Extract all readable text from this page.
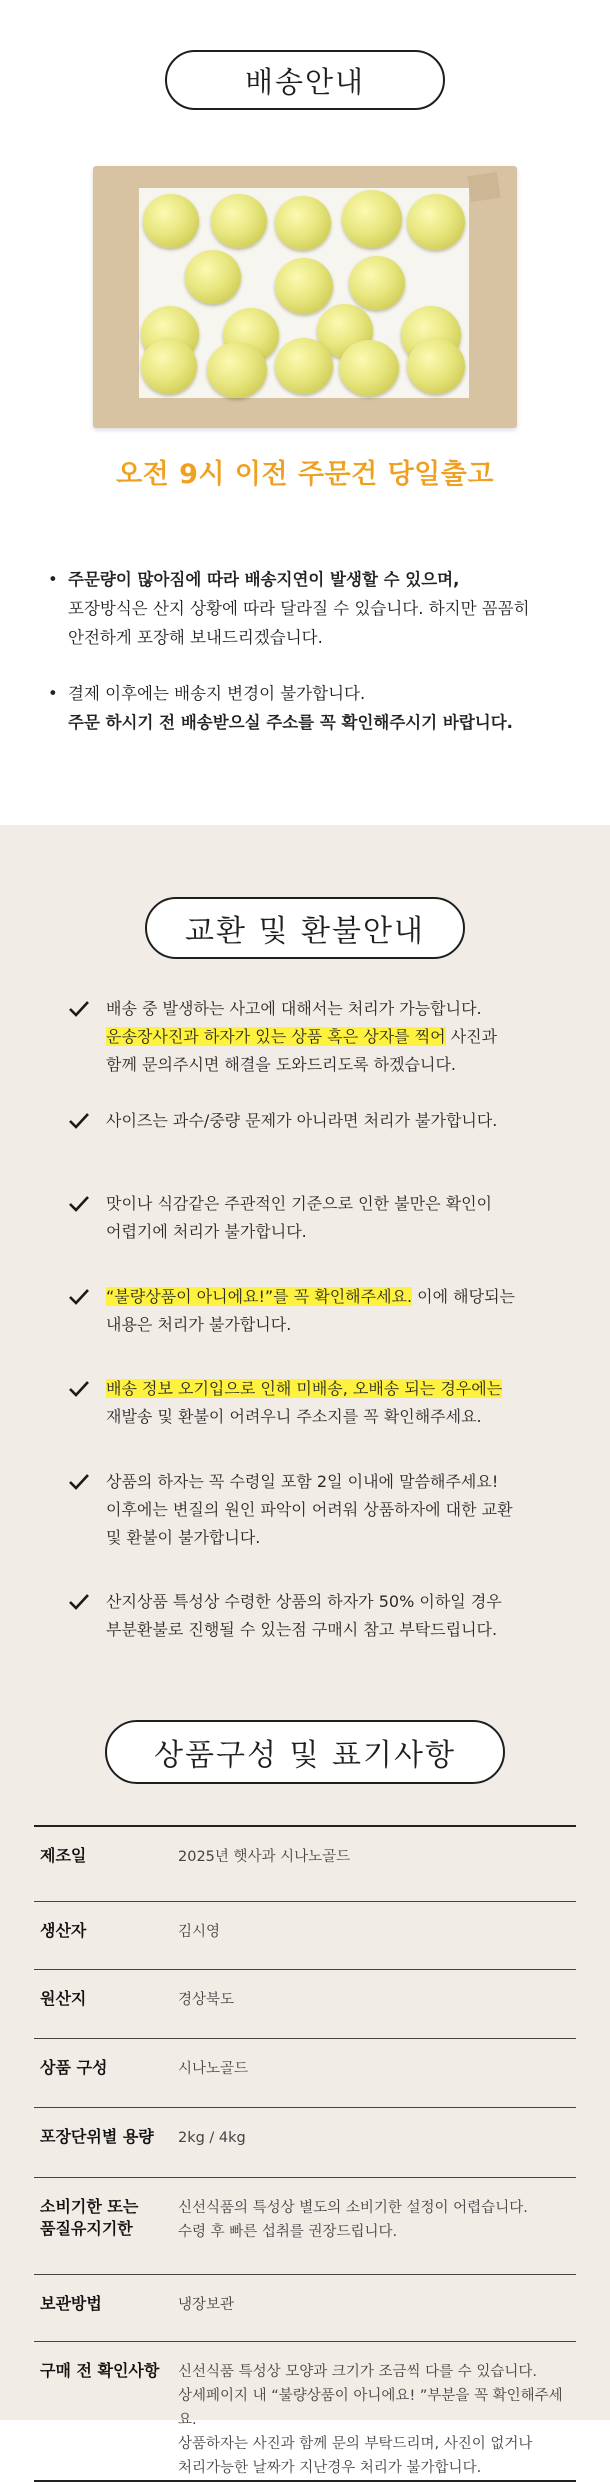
배송안내
오전 9시 이전 주문건 당일출고
• 주문량이 많아짐에 따라 배송지연이 발생할 수 있으며,
포장방식은 산지 상황에 따라 달라질 수 있습니다. 하지만 꼼꼼히
안전하게 포장해 보내드리겠습니다.
• 결제 이후에는 배송지 변경이 불가합니다.
주문 하시기 전 배송받으실 주소를 꼭 확인해주시기 바랍니다.
교환 및 환불안내
배송 중 발생하는 사고에 대해서는 처리가 가능합니다.
운송장사진과 하자가 있는 상품 혹은 상자를 찍어 사진과
함께 문의주시면 해결을 도와드리도록 하겠습니다.
사이즈는 과수/중량 문제가 아니라면 처리가 불가합니다.
맛이나 식감같은 주관적인 기준으로 인한 불만은 확인이
어렵기에 처리가 불가합니다.
“불량상품이 아니에요!”를 꼭 확인해주세요. 이에 해당되는
내용은 처리가 불가합니다.
배송 정보 오기입으로 인해 미배송, 오배송 되는 경우에는
재발송 및 환불이 어려우니 주소지를 꼭 확인해주세요.
상품의 하자는 꼭 수령일 포함 2일 이내에 말씀해주세요!
이후에는 변질의 원인 파악이 어려워 상품하자에 대한 교환
및 환불이 불가합니다.
산지상품 특성상 수령한 상품의 하자가 50% 이하일 경우
부분환불로 진행될 수 있는점 구매시 참고 부탁드립니다.
상품구성 및 표기사항
제조일	2025년 햇사과 시나노골드

생산자	김시영

원산지	경상북도

상품 구성	시나노골드

포장단위별 용량	2kg / 4kg

소비기한 또는
품질유지기한	신선식품의 특성상 별도의 소비기한 설정이 어렵습니다.
수령 후 빠른 섭취를 권장드립니다.

보관방법	냉장보관

구매 전 확인사항	신선식품 특성상 모양과 크기가 조금씩 다를 수 있습니다.
상세페이지 내 “불량상품이 아니에요! ”부분을 꼭 확인해주세요.
상품하자는 사진과 함께 문의 부탁드리며, 사진이 없거나
처리가능한 날짜가 지난경우 처리가 불가합니다.
